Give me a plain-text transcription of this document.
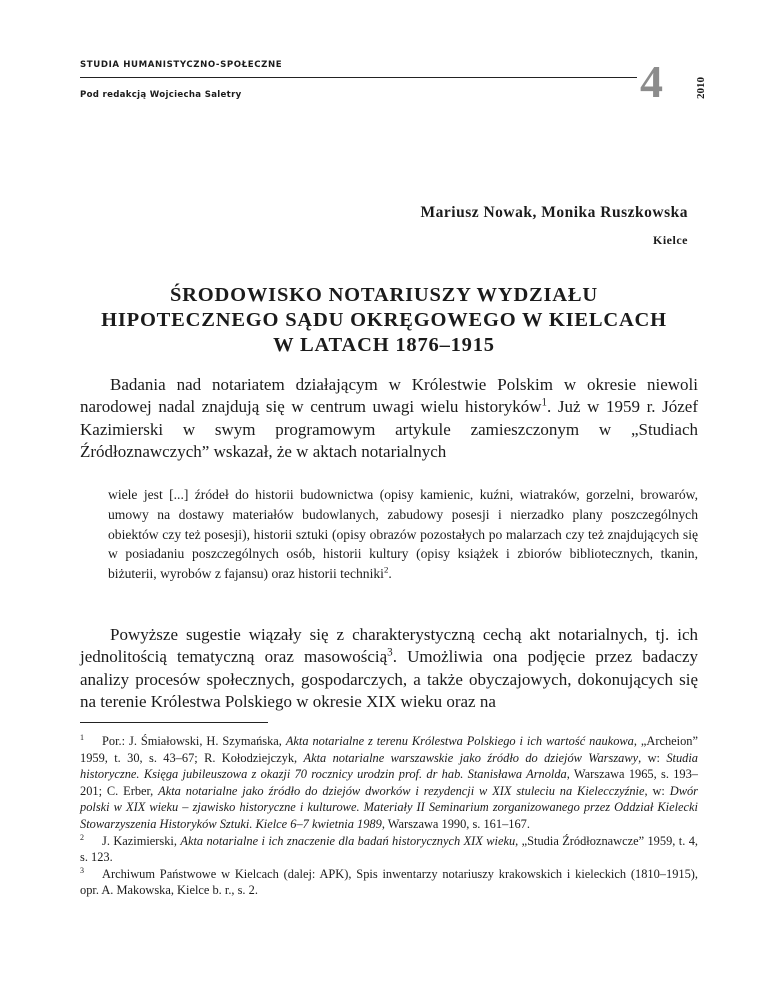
STUDIA HUMANISTYCZNO-SPOŁECZNE
Pod redakcją Wojciecha Saletry	4	2010
Mariusz Nowak, Monika Ruszkowska
Kielce
ŚRODOWISKO NOTARIUSZY WYDZIAŁU
HIPOTECZNEGO SĄDU OKRĘGOWEGO W KIELCACH
W LATACH 1876–1915
Badania nad notariatem działającym w Królestwie Polskim w okresie niewoli narodowej nadal znajdują się w centrum uwagi wielu historyków$^1$. Już w 1959 r. Józef Kazimierski w swym programowym artykule zamieszczonym w „Studiach Źródłoznawczych” wskazał, że w aktach notarialnych
wiele jest [...] źródeł do historii budownictwa (opisy kamienic, kuźni, wiatraków, gorzelni, browarów, umowy na dostawy materiałów budowlanych, zabudowy posesji i nierzadko plany poszczególnych obiektów czy też posesji), historii sztuki (opisy obrazów pozostałych po malarzach czy też znajdujących się w posiadaniu poszczególnych osób, historii kultury (opisy książek i zbiorów bibliotecznych, tkanin, biżuterii, wyrobów z fajansu) oraz historii techniki$^2$.
Powyższe sugestie wiązały się z charakterystyczną cechą akt notarialnych, tj. ich jednolitością tematyczną oraz masowością$^3$. Umożliwia ona podjęcie przez badaczy analizy procesów społecznych, gospodarczych, a także obyczajowych, dokonujących się na terenie Królestwa Polskiego w okresie XIX wieku oraz na

$^1$ Por.: J. Śmiałowski, H. Szymańska, Akta notarialne z terenu Królestwa Polskiego i ich wartość naukowa, „Archeion” 1959, t. 30, s. 43–67; R. Kołodziejczyk, Akta notarialne warszawskie jako źródło do dziejów Warszawy, w: Studia historyczne. Księga jubileuszowa z okazji 70 rocznicy urodzin prof. dr hab. Stanisława Arnolda, Warszawa 1965, s. 193–201; C. Erber, Akta notarialne jako źródło do dziejów dworków i rezydencji w XIX stuleciu na Kielecczyźnie, w: Dwór polski w XIX wieku – zjawisko historyczne i kulturowe. Materiały II Seminarium zorganizowanego przez Oddział Kielecki Stowarzyszenia Historyków Sztuki. Kielce 6–7 kwietnia 1989, Warszawa 1990, s. 161–167.

$^2$ J. Kazimierski, Akta notarialne i ich znaczenie dla badań historycznych XIX wieku, „Studia Źródłoznawcze” 1959, t. 4, s. 123.

$^3$ Archiwum Państwowe w Kielcach (dalej: APK), Spis inwentarzy notariuszy krakowskich i kieleckich (1810–1915), opr. A. Makowska, Kielce b. r., s. 2.
